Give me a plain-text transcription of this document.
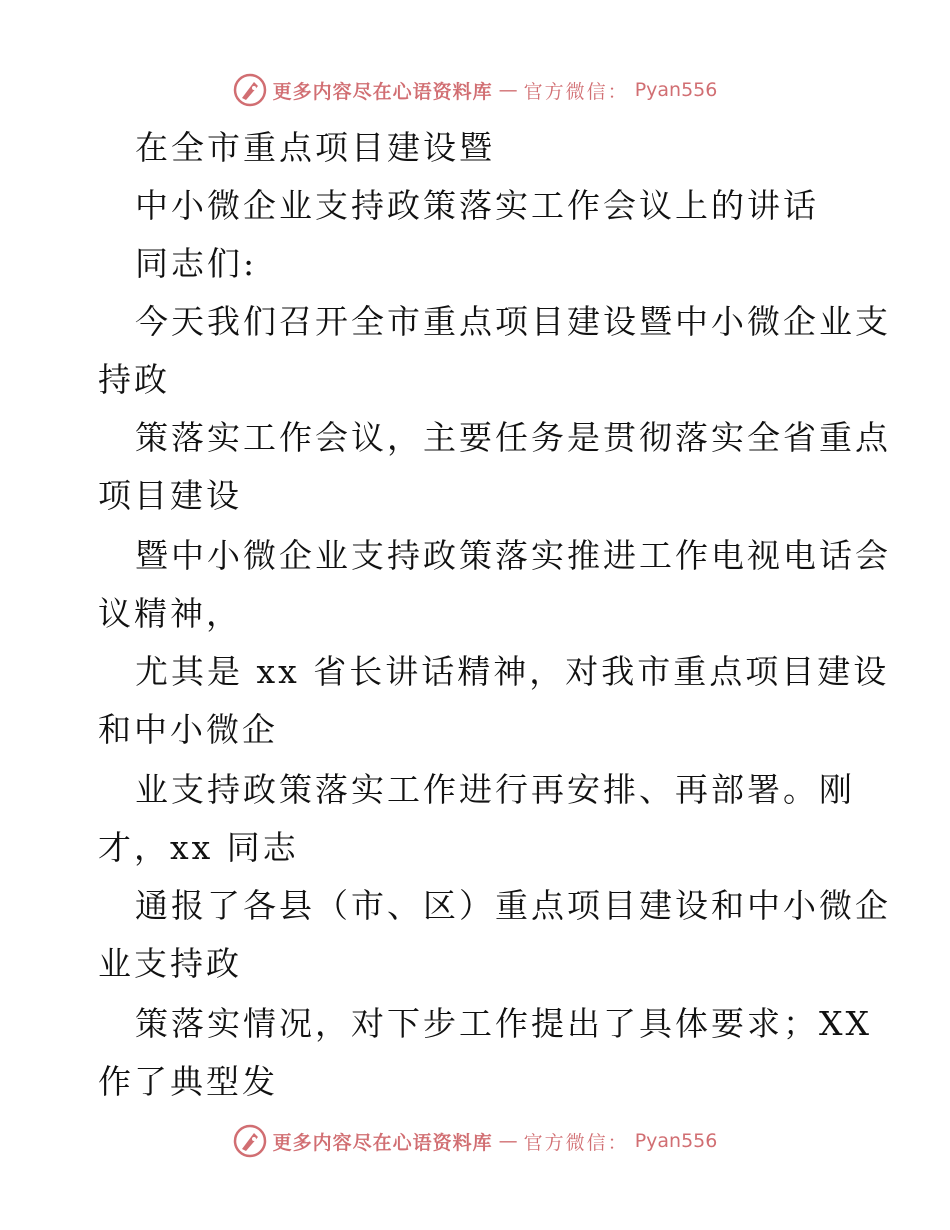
更多内容尽在心语资料库 — 官方微信： Pyan556
在全市重点项目建设暨
中小微企业支持政策落实工作会议上的讲话
同志们:
今天我们召开全市重点项目建设暨中小微企业支
持政
策落实工作会议，主要任务是贯彻落实全省重点
项目建设
暨中小微企业支持政策落实推进工作电视电话会
议精神，
尤其是 xx 省长讲话精神，对我市重点项目建设
和中小微企
业支持政策落实工作进行再安排、再部署。刚
才，xx 同志
通报了各县（市、区）重点项目建设和中小微企
业支持政
策落实情况，对下步工作提出了具体要求；XX
作了典型发
更多内容尽在心语资料库 — 官方微信： Pyan556
